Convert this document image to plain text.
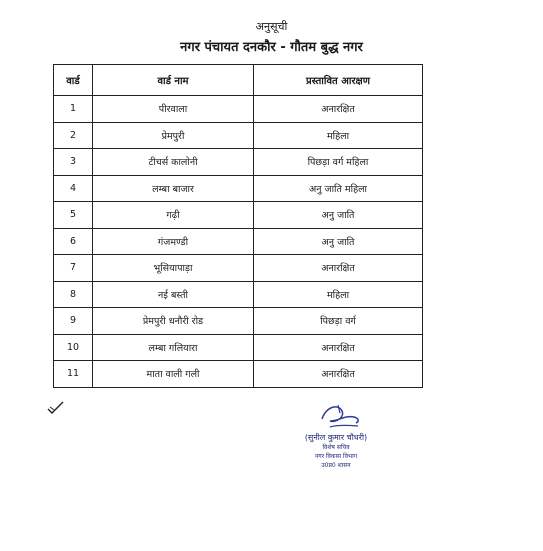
अनुसूची
नगर पंचायत दनकौर - गौतम बुद्ध नगर
वार्ड	वार्ड नाम	प्रस्तावित आरक्षण
1	पीरवाला	अनारक्षित
2	प्रेमपुरी	महिला
3	टीचर्स कालोनी	पिछड़ा वर्ग महिला
4	लम्बा बाजार	अनु जाति महिला
5	गढ़ी	अनु जाति
6	गंजमण्डी	अनु जाति
7	भूसियापाड़ा	अनारक्षित
8	नई बस्ती	महिला
9	प्रेमपुरी धनौरी रोड	पिछड़ा वर्ग
10	लम्बा गलियारा	अनारक्षित
11	माता वाली गली	अनारक्षित
(सुनील कुमार चौधरी)
विशेष सचिव
नगर विकास विभाग
उ0प्र0 शासन
